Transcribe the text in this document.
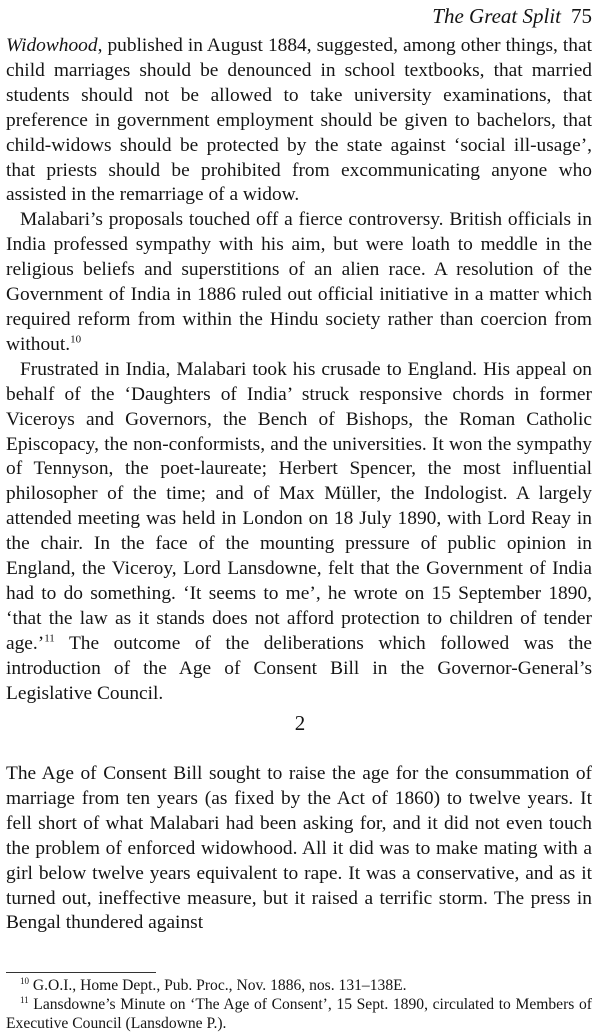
The Great Split 75

Widowhood, published in August 1884, suggested, among other things, that child marriages should be denounced in school textbooks, that married students should not be allowed to take university examinations, that preference in government employment should be given to bachelors, that child-widows should be protected by the state against ‘social ill-usage’, that priests should be prohibited from excommunicating anyone who assisted in the remarriage of a widow.

Malabari’s proposals touched off a fierce controversy. British officials in India professed sympathy with his aim, but were loath to meddle in the religious beliefs and superstitions of an alien race. A resolution of the Government of India in 1886 ruled out official initiative in a matter which required reform from within the Hindu society rather than coercion from without.$^{10}$

Frustrated in India, Malabari took his crusade to England. His appeal on behalf of the ‘Daughters of India’ struck responsive chords in former Viceroys and Governors, the Bench of Bishops, the Roman Catholic Episcopacy, the non-conformists, and the universities. It won the sympathy of Tennyson, the poet-laureate; Herbert Spencer, the most influential philosopher of the time; and of Max Müller, the Indologist. A largely attended meeting was held in London on 18 July 1890, with Lord Reay in the chair. In the face of the mounting pressure of public opinion in England, the Viceroy, Lord Lansdowne, felt that the Government of India had to do something. ‘It seems to me’, he wrote on 15 September 1890, ‘that the law as it stands does not afford protection to children of tender age.’$^{11}$ The outcome of the deliberations which followed was the introduction of the Age of Consent Bill in the Governor-General’s Legislative Council.

2

The Age of Consent Bill sought to raise the age for the consummation of marriage from ten years (as fixed by the Act of 1860) to twelve years. It fell short of what Malabari had been asking for, and it did not even touch the problem of enforced widowhood. All it did was to make mating with a girl below twelve years equivalent to rape. It was a conservative, and as it turned out, ineffective measure, but it raised a terrific storm. The press in Bengal thundered against

$^{10}$ G.O.I., Home Dept., Pub. Proc., Nov. 1886, nos. 131–138E.

$^{11}$ Lansdowne’s Minute on ‘The Age of Consent’, 15 Sept. 1890, circulated to Members of Executive Council (Lansdowne P.).
